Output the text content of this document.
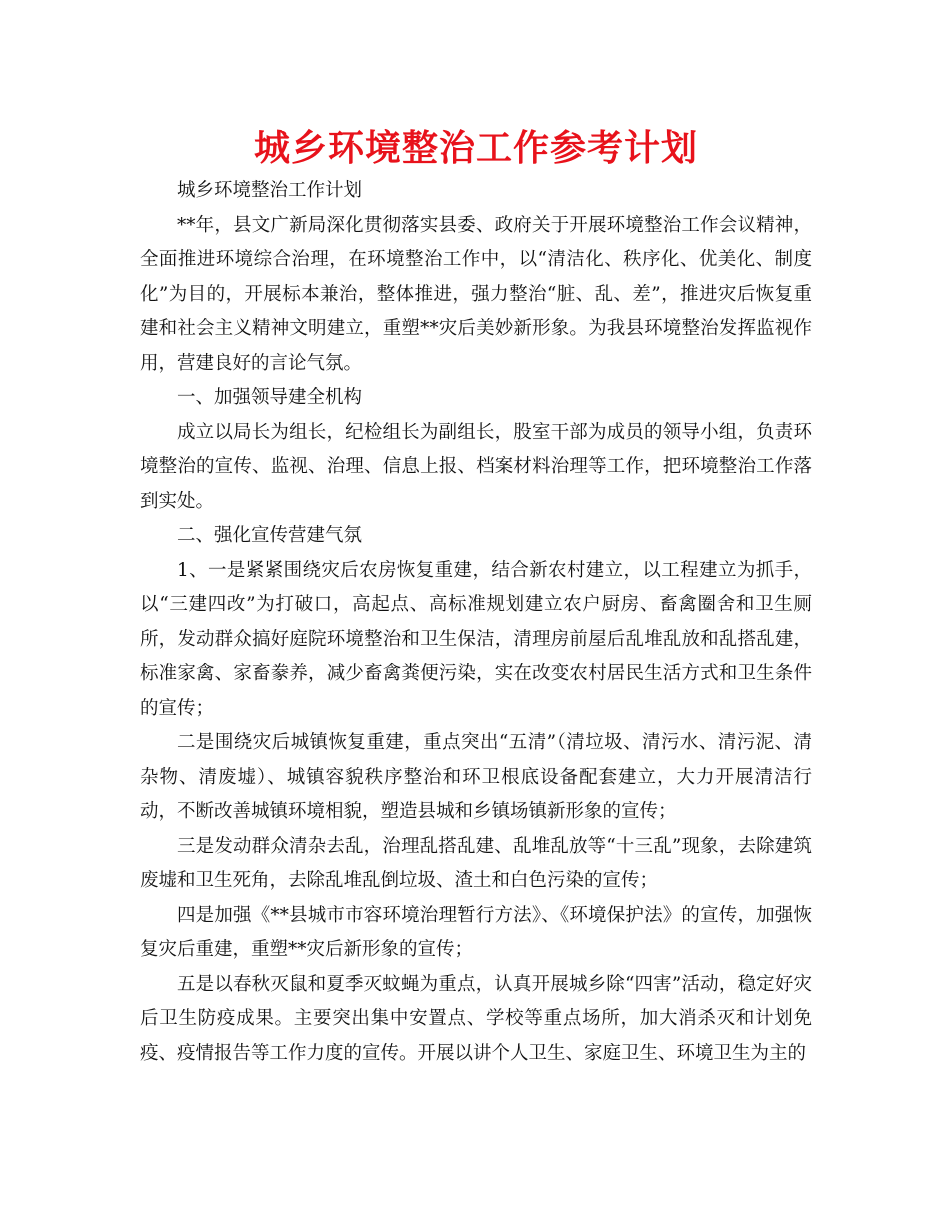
城乡环境整治工作参考计划

城乡环境整治工作计划

**年，县文广新局深化贯彻落实县委、政府关于开展环境整治工作会议精神，全面推进环境综合治理，在环境整治工作中，以“清洁化、秩序化、优美化、制度化”为目的，开展标本兼治，整体推进，强力整治“脏、乱、差”，推进灾后恢复重建和社会主义精神文明建立，重塑**灾后美妙新形象。为我县环境整治发挥监视作用，营建良好的言论气氛。

一、加强领导建全机构

成立以局长为组长，纪检组长为副组长，股室干部为成员的领导小组，负责环境整治的宣传、监视、治理、信息上报、档案材料治理等工作，把环境整治工作落到实处。

二、强化宣传营建气氛

1、一是紧紧围绕灾后农房恢复重建，结合新农村建立，以工程建立为抓手，以“三建四改”为打破口，高起点、高标准规划建立农户厨房、畜禽圈舍和卫生厕所，发动群众搞好庭院环境整治和卫生保洁，清理房前屋后乱堆乱放和乱搭乱建，标准家禽、家畜豢养，减少畜禽粪便污染，实在改变农村居民生活方式和卫生条件的宣传；

二是围绕灾后城镇恢复重建，重点突出“五清”（清垃圾、清污水、清污泥、清杂物、清废墟）、城镇容貌秩序整治和环卫根底设备配套建立，大力开展清洁行动，不断改善城镇环境相貌，塑造县城和乡镇场镇新形象的宣传；

三是发动群众清杂去乱，治理乱搭乱建、乱堆乱放等“十三乱”现象，去除建筑废墟和卫生死角，去除乱堆乱倒垃圾、渣土和白色污染的宣传；

四是加强《**县城市市容环境治理暂行方法》、《环境保护法》的宣传，加强恢复灾后重建，重塑**灾后新形象的宣传；

五是以春秋灭鼠和夏季灭蚊蝇为重点，认真开展城乡除“四害”活动，稳定好灾后卫生防疫成果。主要突出集中安置点、学校等重点场所，加大消杀灭和计划免疫、疫情报告等工作力度的宣传。开展以讲个人卫生、家庭卫生、环境卫生为主的
